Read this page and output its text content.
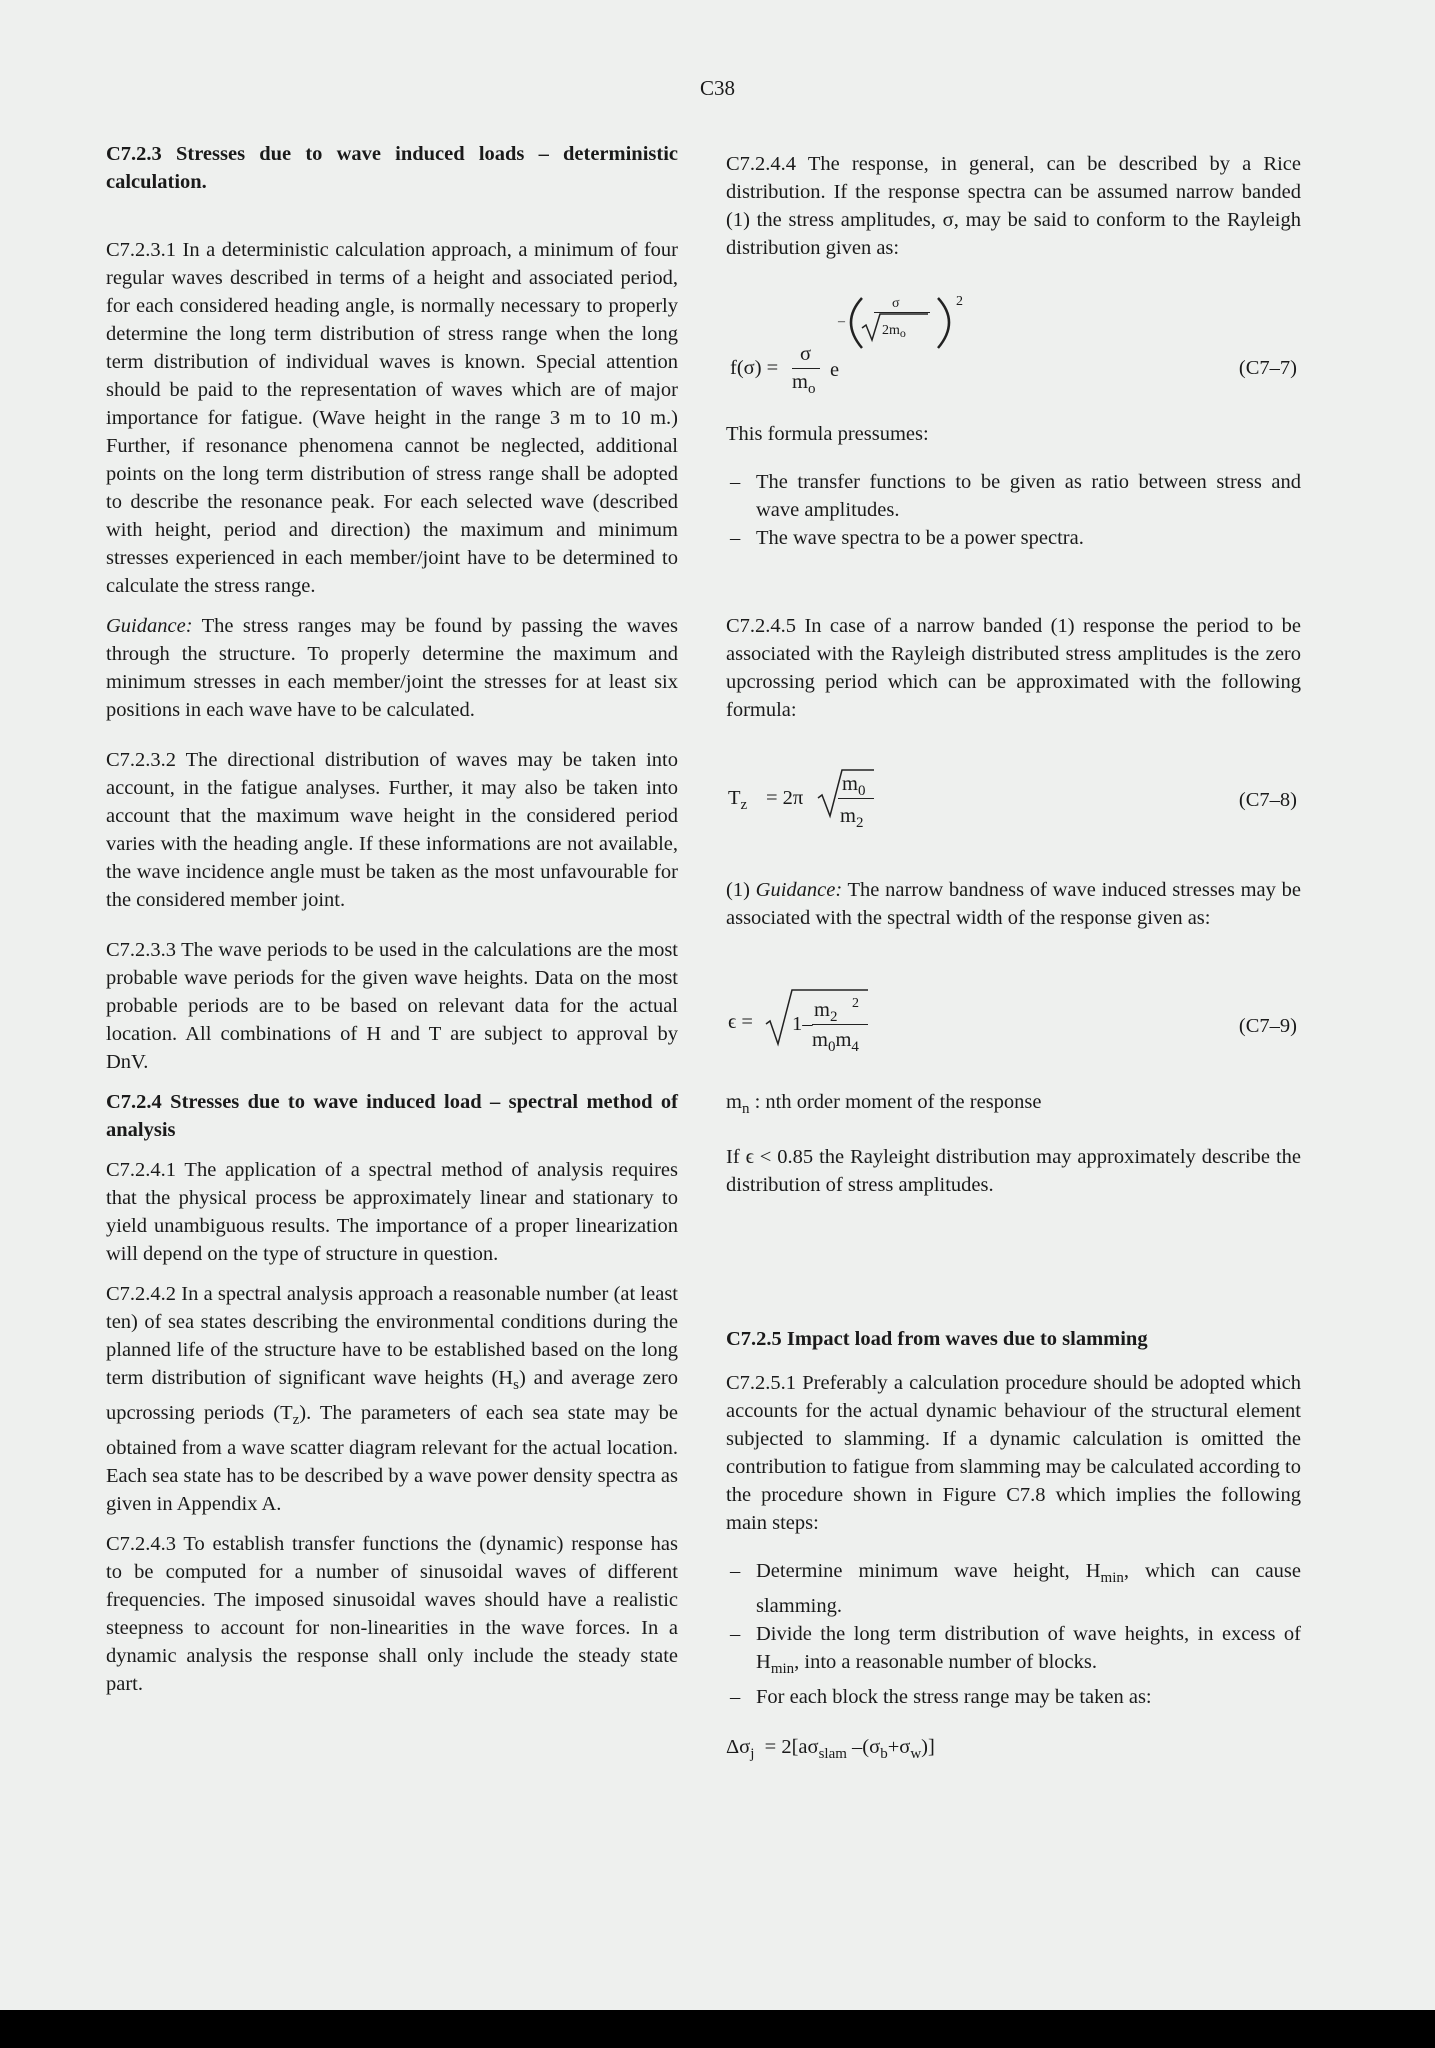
C38

C7.2.3 Stresses due to wave induced loads – deterministic calculation.

C7.2.3.1 In a deterministic calculation approach, a minimum of four regular waves described in terms of a height and associated period, for each considered heading angle, is normally necessary to properly determine the long term distribution of stress range when the long term distribution of individual waves is known. Special attention should be paid to the representation of waves which are of major importance for fatigue. (Wave height in the range 3 m to 10 m.) Further, if resonance phenomena cannot be neglected, additional points on the long term distribution of stress range shall be adopted to describe the resonance peak. For each selected wave (described with height, period and direction) the maximum and minimum stresses experienced in each member/joint have to be determined to calculate the stress range.

Guidance: The stress ranges may be found by passing the waves through the structure. To properly determine the maximum and minimum stresses in each member/joint the stresses for at least six positions in each wave have to be calculated.

C7.2.3.2 The directional distribution of waves may be taken into account, in the fatigue analyses. Further, it may also be taken into account that the maximum wave height in the considered period varies with the heading angle. If these informations are not available, the wave incidence angle must be taken as the most unfavourable for the considered member joint.

C7.2.3.3 The wave periods to be used in the calculations are the most probable wave periods for the given wave heights. Data on the most probable periods are to be based on relevant data for the actual location. All combinations of H and T are subject to approval by DnV.

C7.2.4 Stresses due to wave induced load – spectral method of analysis

C7.2.4.1 The application of a spectral method of analysis requires that the physical process be approximately linear and stationary to yield unambiguous results. The importance of a proper linearization will depend on the type of structure in question.

C7.2.4.2 In a spectral analysis approach a reasonable number (at least ten) of sea states describing the environmental conditions during the planned life of the structure have to be established based on the long term distribution of significant wave heights $(H_s)$ and average zero upcrossing periods $(T_z)$. The parameters of each sea state may be obtained from a wave scatter diagram relevant for the actual location. Each sea state has to be described by a wave power density spectra as given in Appendix A.

C7.2.4.3 To establish transfer functions the (dynamic) response has to be computed for a number of sinusoidal waves of different frequencies. The imposed sinusoidal waves should have a realistic steepness to account for non-linearities in the wave forces. In a dynamic analysis the response shall only include the steady state part.

C7.2.4.4 The response, in general, can be described by a Rice distribution. If the response spectra can be assumed narrow banded (1) the stress amplitudes, σ, may be said to conform to the Rayleigh distribution given as:

f(σ) =
σ
$m_o$
e
–
σ
2mo
2
(C7–7)

This formula pressumes:

– The transfer functions to be given as ratio between stress and wave amplitudes.
– The wave spectra to be a power spectra.

C7.2.4.5 In case of a narrow banded (1) response the period to be associated with the Rayleigh distributed stress amplitudes is the zero upcrossing period which can be approximated with the following formula:

$T_z = 2\pi$
$m_0$
$m_2$
(C7–8)

(1) Guidance: The narrow bandness of wave induced stresses may be associated with the spectral width of the response given as:

ϵ = 1–
$m_2$
2
$m_0m_4$
(C7–9)

$m_n$ : nth order moment of the response

If ϵ < 0.85 the Rayleight distribution may approximately describe the distribution of stress amplitudes.

C7.2.5 Impact load from waves due to slamming

C7.2.5.1 Preferably a calculation procedure should be adopted which accounts for the actual dynamic behaviour of the structural element subjected to slamming. If a dynamic calculation is omitted the contribution to fatigue from slamming may be calculated according to the procedure shown in Figure C7.8 which implies the following main steps:

– Determine minimum wave height, $H_{min}$, which can cause slamming.
– Divide the long term distribution of wave heights, in excess of $H_{min}$, into a reasonable number of blocks.
– For each block the stress range may be taken as:

$\Delta\sigma_j = 2[a\sigma_{slam}$ $-(\sigma_b+\sigma_w)$]
